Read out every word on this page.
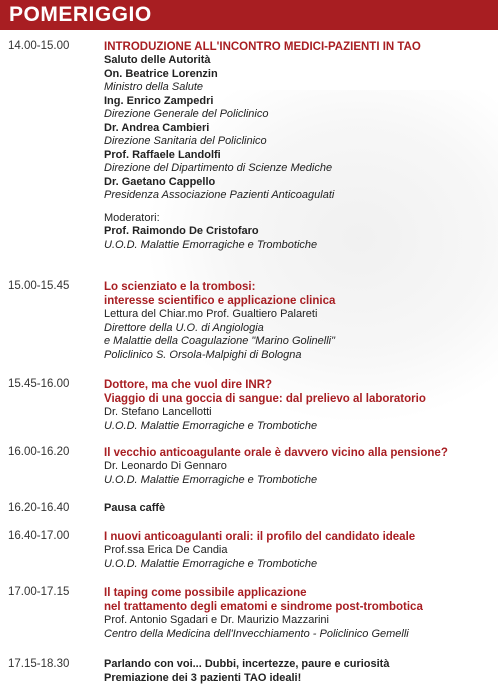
POMERIGGIO
14.00-15.00	INTRODUZIONE ALL'INCONTRO MEDICI-PAZIENTI IN TAO
Saluto delle Autorità
On. Beatrice Lorenzin
Ministro della Salute
Ing. Enrico Zampedri
Direzione Generale del Policlinico
Dr. Andrea Cambieri
Direzione Sanitaria del Policlinico
Prof. Raffaele Landolfi
Direzione del Dipartimento di Scienze Mediche
Dr. Gaetano Cappello
Presidenza Associazione Pazienti Anticoagulati
Moderatori:
Prof. Raimondo De Cristofaro
U.O.D. Malattie Emorragiche e Trombotiche
15.00-15.45	Lo scienziato e la trombosi:
interesse scientifico e applicazione clinica
Lettura del Chiar.mo Prof. Gualtiero Palareti
Direttore della U.O. di Angiologia
e Malattie della Coagulazione "Marino Golinelli"
Policlinico S. Orsola-Malpighi di Bologna
15.45-16.00	Dottore, ma che vuol dire INR?
Viaggio di una goccia di sangue: dal prelievo al laboratorio
Dr. Stefano Lancellotti
U.O.D. Malattie Emorragiche e Trombotiche
16.00-16.20	Il vecchio anticoagulante orale è davvero vicino alla pensione?
Dr. Leonardo Di Gennaro
U.O.D. Malattie Emorragiche e Trombotiche
16.20-16.40	Pausa caffè
16.40-17.00	I nuovi anticoagulanti orali: il profilo del candidato ideale
Prof.ssa Erica De Candia
U.O.D. Malattie Emorragiche e Trombotiche
17.00-17.15	Il taping come possibile applicazione
nel trattamento degli ematomi e sindrome post-trombotica
Prof. Antonio Sgadari e Dr. Maurizio Mazzarini
Centro della Medicina dell'Invecchiamento - Policlinico Gemelli
17.15-18.30	Parlando con voi... Dubbi, incertezze, paure e curiosità
Premiazione dei 3 pazienti TAO ideali!
